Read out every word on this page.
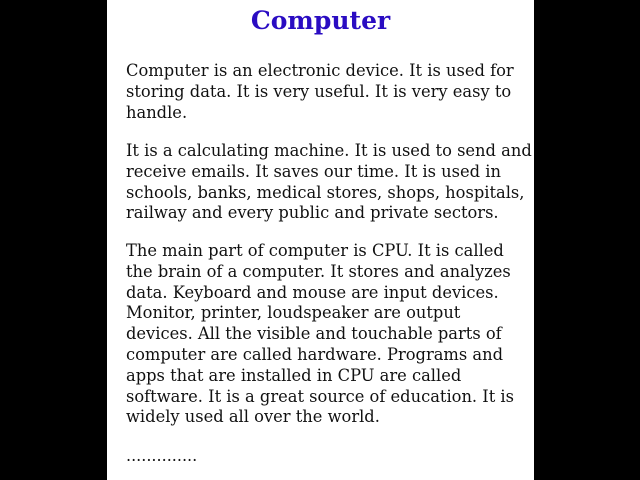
Computer
Computer is an electronic device. It is used for
storing data. It is very useful. It is very easy to
handle.
It is a calculating machine. It is used to send and
receive emails. It saves our time. It is used in
schools, banks, medical stores, shops, hospitals,
railway and every public and private sectors.
The main part of computer is CPU. It is called
the brain of a computer. It stores and analyzes
data. Keyboard and mouse are input devices.
Monitor, printer, loudspeaker are output
devices. All the visible and touchable parts of
computer are called hardware. Programs and
apps that are installed in CPU are called
software. It is a great source of education. It is
widely used all over the world.
..............
